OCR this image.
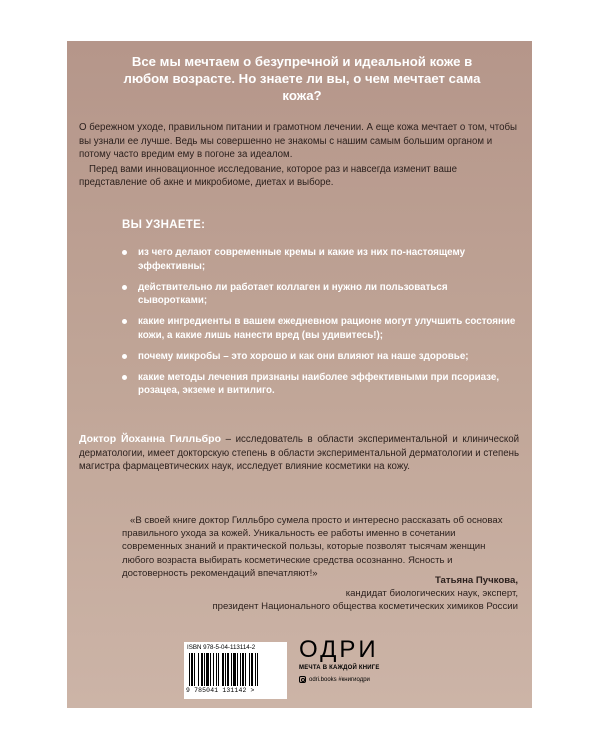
Все мы мечтаем о безупречной и идеальной коже в любом возрасте. Но знаете ли вы, о чем мечтает сама кожа?

О бережном уходе, правильном питании и грамотном лечении. А еще кожа мечтает о том, чтобы вы узнали ее лучше. Ведь мы совершенно не знакомы с нашим самым большим органом и потому часто вредим ему в погоне за идеалом.

Перед вами инновационное исследование, которое раз и навсегда изменит ваше представление об акне и микробиоме, диетах и выборе.

ВЫ УЗНАЕТЕ:
из чего делают современные кремы и какие из них по-настоящему эффективны;
действительно ли работает коллаген и нужно ли пользоваться сыворотками;
какие ингредиенты в вашем ежедневном рационе могут улучшить состояние кожи, а какие лишь нанести вред (вы удивитесь!);
почему микробы – это хорошо и как они влияют на наше здоровье;
какие методы лечения признаны наиболее эффективными при псориазе, розацеа, экземе и витилиго.
Доктор Йоханна Гилльбро – исследователь в области экспериментальной и клинической дерматологии, имеет докторскую степень в области экспериментальной дерматологии и степень магистра фармацевтических наук, исследует влияние косметики на кожу.
«В своей книге доктор Гилльбро сумела просто и интересно рассказать об основах правильного ухода за кожей. Уникальность ее работы именно в сочетании современных знаний и практической пользы, которые позволят тысячам женщин любого возраста выбирать косметические средства осознанно. Ясность и достоверность рекомендаций впечатляют!»
Татьяна Пучкова,
кандидат биологических наук, эксперт,
президент Национального общества косметических химиков России
ISBN 978-5-04-113114-2
9 785041 131142 >
ОДРИ
МЕЧТА В КАЖДОЙ КНИГЕ
odri.books #книгиодри
